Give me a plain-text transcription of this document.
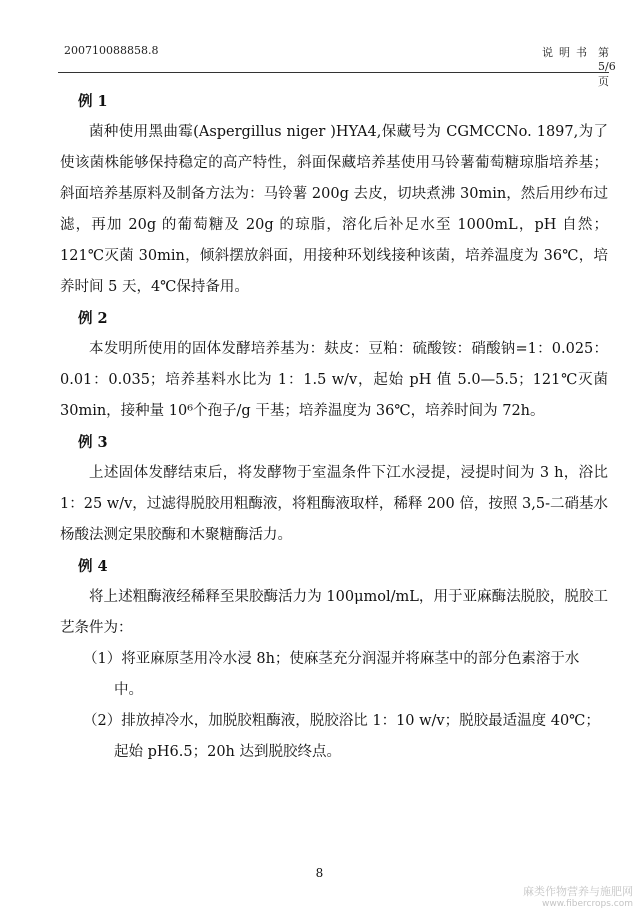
200710088858.8	说明书 第5/6页

例 1

菌种使用黑曲霉(Aspergillus niger )HYA4,保藏号为 CGMCCNo. 1897,为了使该菌株能够保持稳定的高产特性，斜面保藏培养基使用马铃薯葡萄糖琼脂培养基；斜面培养基原料及制备方法为：马铃薯 200g 去皮，切块煮沸 30min，然后用纱布过滤，再加 20g 的葡萄糖及 20g 的琼脂，溶化后补足水至 1000mL，pH 自然；121℃灭菌 30min，倾斜摆放斜面，用接种环划线接种该菌，培养温度为 36℃，培养时间 5 天，4℃保持备用。

例 2

本发明所使用的固体发酵培养基为：麸皮：豆粕：硫酸铵：硝酸钠=1：0.025：0.01：0.035；培养基料水比为 1：1.5 w/v，起始 pH 值 5.0—5.5；121℃灭菌 30min，接种量 10⁶个孢子/g 干基；培养温度为 36℃，培养时间为 72h。

例 3

上述固体发酵结束后，将发酵物于室温条件下江水浸提，浸提时间为 3 h，浴比 1：25 w/v，过滤得脱胶用粗酶液，将粗酶液取样，稀释 200 倍，按照 3,5-二硝基水杨酸法测定果胶酶和木聚糖酶活力。

例 4

将上述粗酶液经稀释至果胶酶活力为 100μmol/mL，用于亚麻酶法脱胶，脱胶工艺条件为：

（1）将亚麻原茎用冷水浸 8h；使麻茎充分润湿并将麻茎中的部分色素溶于水中。

（2）排放掉冷水，加脱胶粗酶液，脱胶浴比 1：10 w/v；脱胶最适温度 40℃；起始 pH6.5；20h 达到脱胶终点。

8
麻类作物营养与施肥网
www.fibercrops.com
